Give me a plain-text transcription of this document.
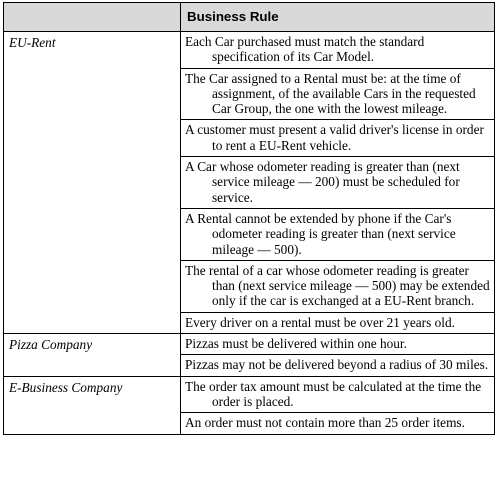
	Business Rule
EU-Rent	Each Car purchased must match the standard specification of its Car Model.
	The Car assigned to a Rental must be: at the time of assignment, of the available Cars in the requested Car Group, the one with the lowest mileage.
	A customer must present a valid driver's license in order to rent a EU-Rent vehicle.
	A Car whose odometer reading is greater than (next service mileage — 200) must be scheduled for service.
	A Rental cannot be extended by phone if the Car's odometer reading is greater than (next service mileage — 500).
	The rental of a car whose odometer reading is greater than (next service mileage — 500) may be extended only if the car is exchanged at a EU-Rent branch.
	Every driver on a rental must be over 21 years old.
Pizza Company	Pizzas must be delivered within one hour.
	Pizzas may not be delivered beyond a radius of 30 miles.
E-Business Company	The order tax amount must be calculated at the time the order is placed.
	An order must not contain more than 25 order items.
